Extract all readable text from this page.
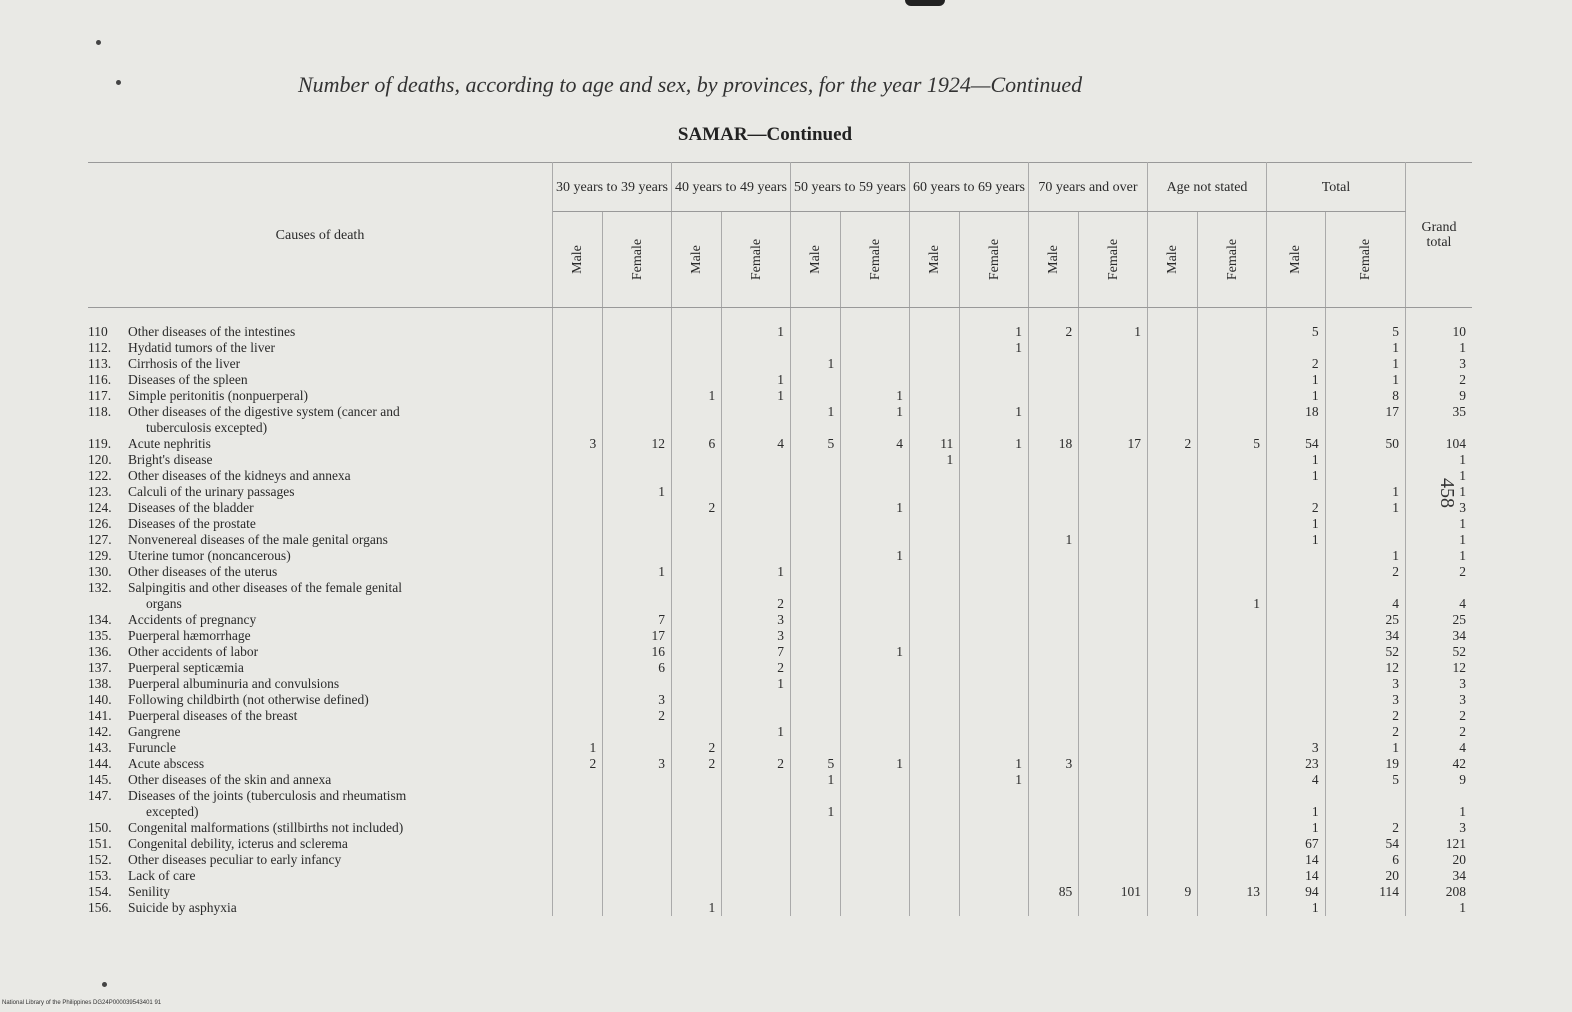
Number of deaths, according to age and sex, by provinces, for the year 1924—Continued
SAMAR—Continued
Causes of death	30 years to 39 years		40 years to 49 years		50 years to 59 years		60 years to 69 years		70 years and over		Age not stated		Total		Grand total
	Male	Female	Male	Female	Male	Female	Male	Female	Male	Female	Male	Female	Male	Female	
110 Other diseases of the intestines				1				1	2	1			5	5	10
112. Hydatid tumors of the liver								1						1	1
113. Cirrhosis of the liver					1								2	1	3
116. Diseases of the spleen				1									1	1	2
117. Simple peritonitis (nonpuerperal)			1	1		1							1	8	9
118. Other diseases of the digestive system (cancer and					1	1		1					18	17	35
tuberculosis excepted)															
119. Acute nephritis	3	12	6	4	5	4	11	1	18	17	2	5	54	50	104
120. Bright's disease							1						1		1
122. Other diseases of the kidneys and annexa													1		1
123. Calculi of the urinary passages		1												1	1
124. Diseases of the bladder			2			1							2	1	3
126. Diseases of the prostate													1		1
127. Nonvenereal diseases of the male genital organs									1				1		1
129. Uterine tumor (noncancerous)						1								1	1
130. Other diseases of the uterus		1		1										2	2
132. Salpingitis and other diseases of the female genital															
organs				2								1		4	4
134. Accidents of pregnancy		7		3										25	25
135. Puerperal hæmorrhage		17		3										34	34
136. Other accidents of labor		16		7		1								52	52
137. Puerperal septicæmia		6		2										12	12
138. Puerperal albuminuria and convulsions				1										3	3
140. Following childbirth (not otherwise defined)		3												3	3
141. Puerperal diseases of the breast		2												2	2
142. Gangrene				1										2	2
143. Furuncle	1		2										3	1	4
144. Acute abscess	2	3	2	2	5	1		1	3				23	19	42
145. Other diseases of the skin and annexa					1			1					4	5	9
147. Diseases of the joints (tuberculosis and rheumatism															
excepted)					1								1		1
150. Congenital malformations (stillbirths not included)													1	2	3
151. Congenital debility, icterus and sclerema													67	54	121
152. Other diseases peculiar to early infancy													14	6	20
153. Lack of care													14	20	34
154. Senility									85	101	9	13	94	114	208
156. Suicide by asphyxia			1										1		1
458
National Library of the Philippines DG24P000039543401 91
